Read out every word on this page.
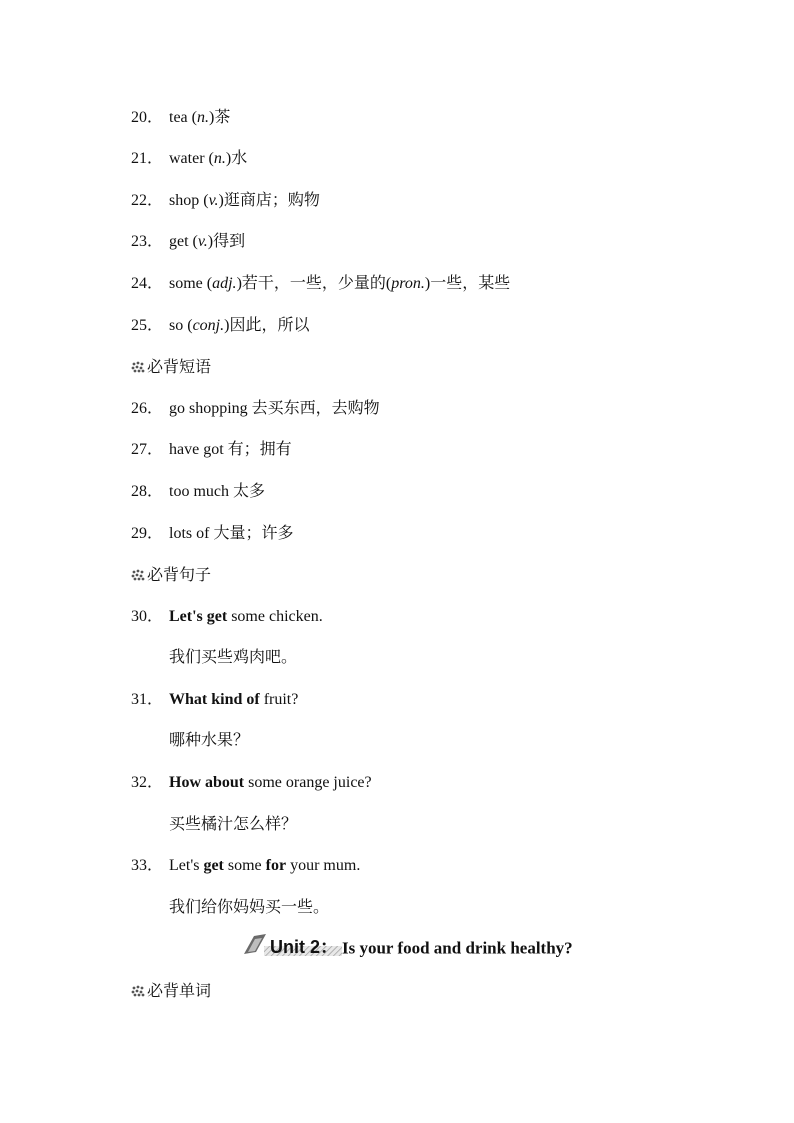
20． tea (n.)茶
21． water (n.)水
22． shop (v.)逛商店；购物
23． get (v.)得到
24． some (adj.)若干，一些，少量的(pron.)一些，某些
25． so (conj.)因此，所以
必背短语
26． go shopping 去买东西，去购物
27． have got 有；拥有
28． too much 太多
29． lots of 大量；许多
必背句子
30． Let's get some chicken.
我们买些鸡肉吧。
31． What kind of fruit?
哪种水果？
32． How about some orange juice?
买些橘汁怎么样？
33． Let's get some for your mum.
我们给你妈妈买一些。
Unit 2： Is your food and drink healthy?
必背单词
